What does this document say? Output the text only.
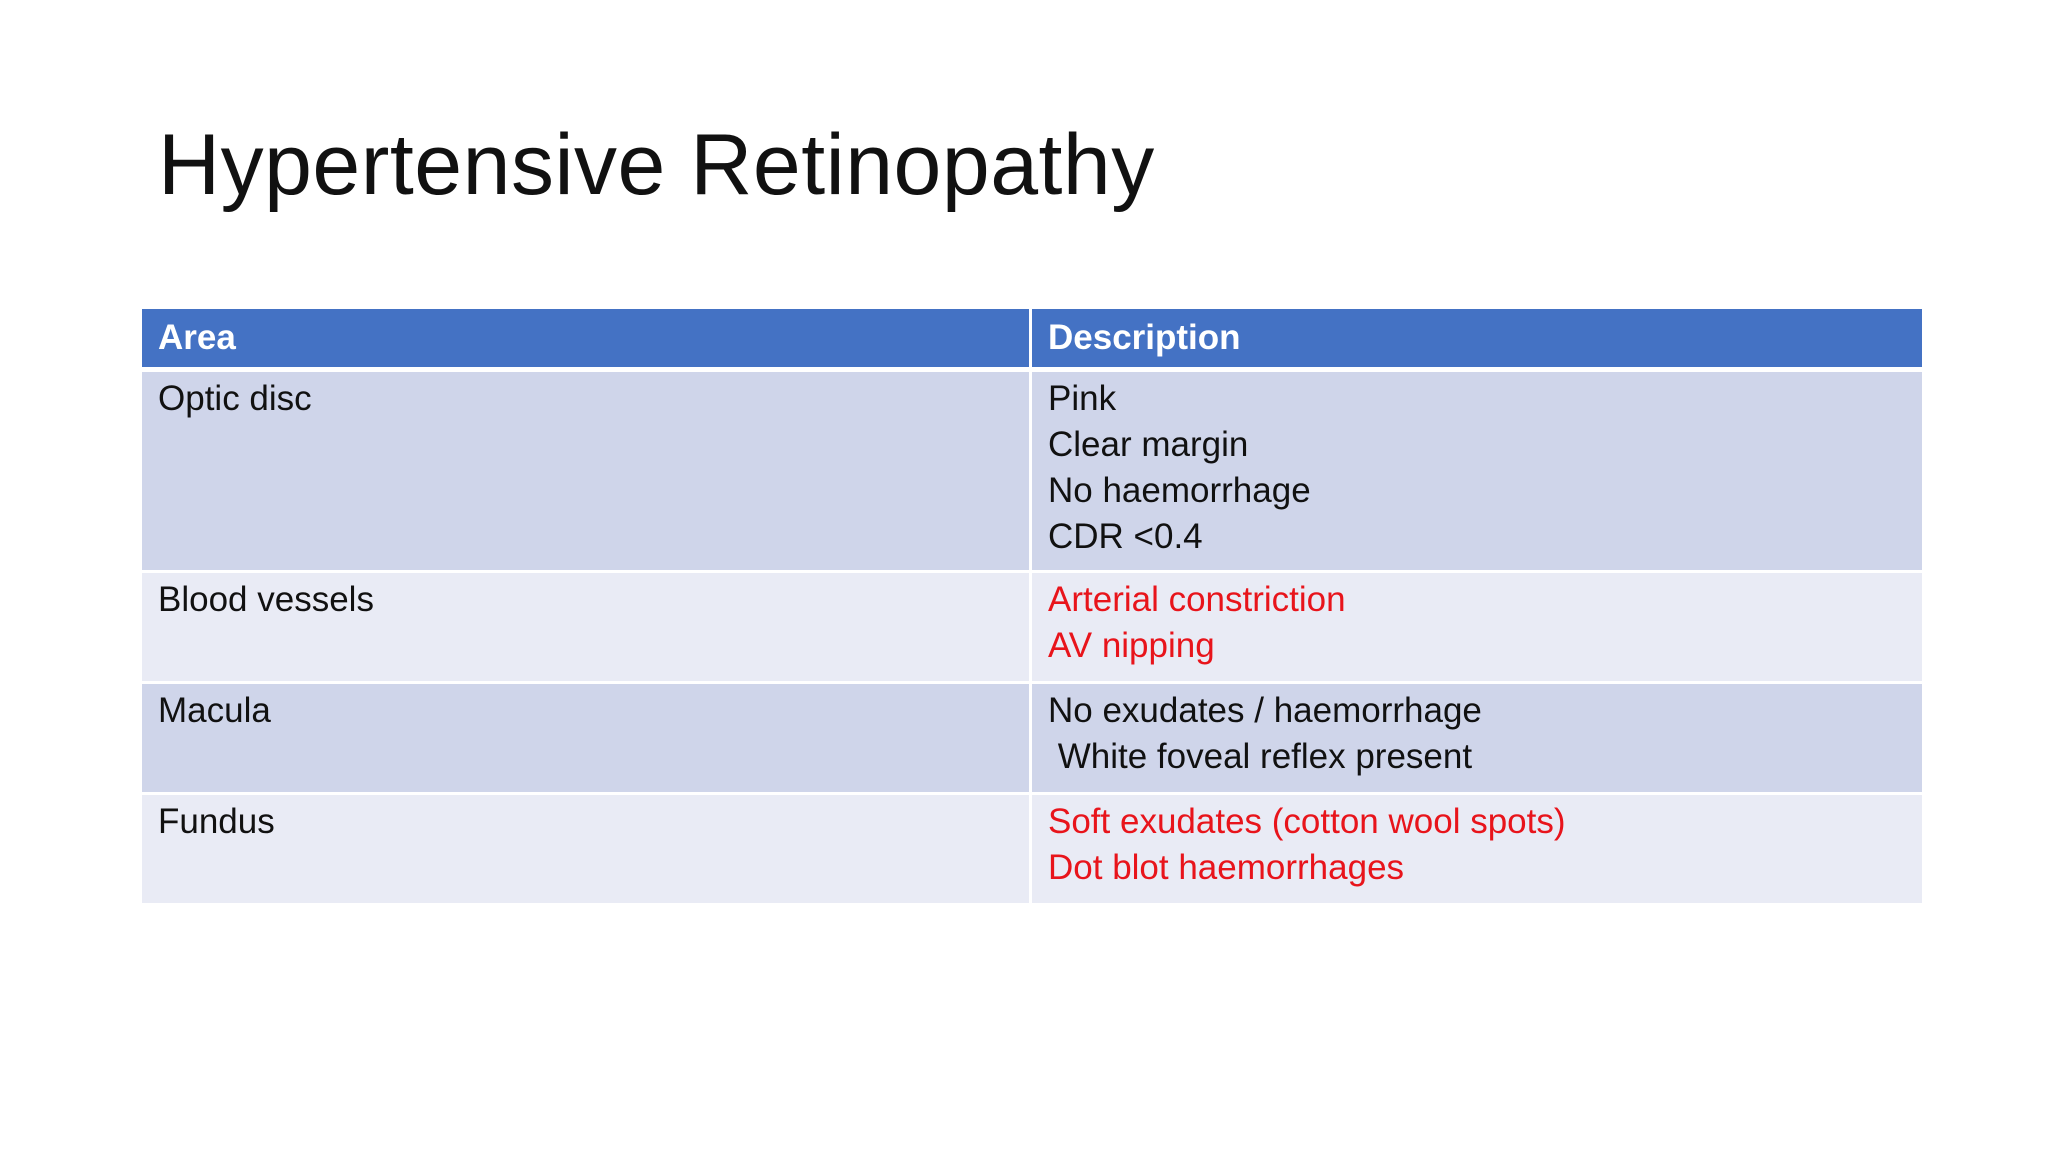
Hypertensive Retinopathy
Area	Description
Optic disc	Pink
Clear margin
No haemorrhage
CDR <0.4

Blood vessels	Arterial constriction
AV nipping

Macula	No exudates / haemorrhage
White foveal reflex present

Fundus	Soft exudates (cotton wool spots)
Dot blot haemorrhages
